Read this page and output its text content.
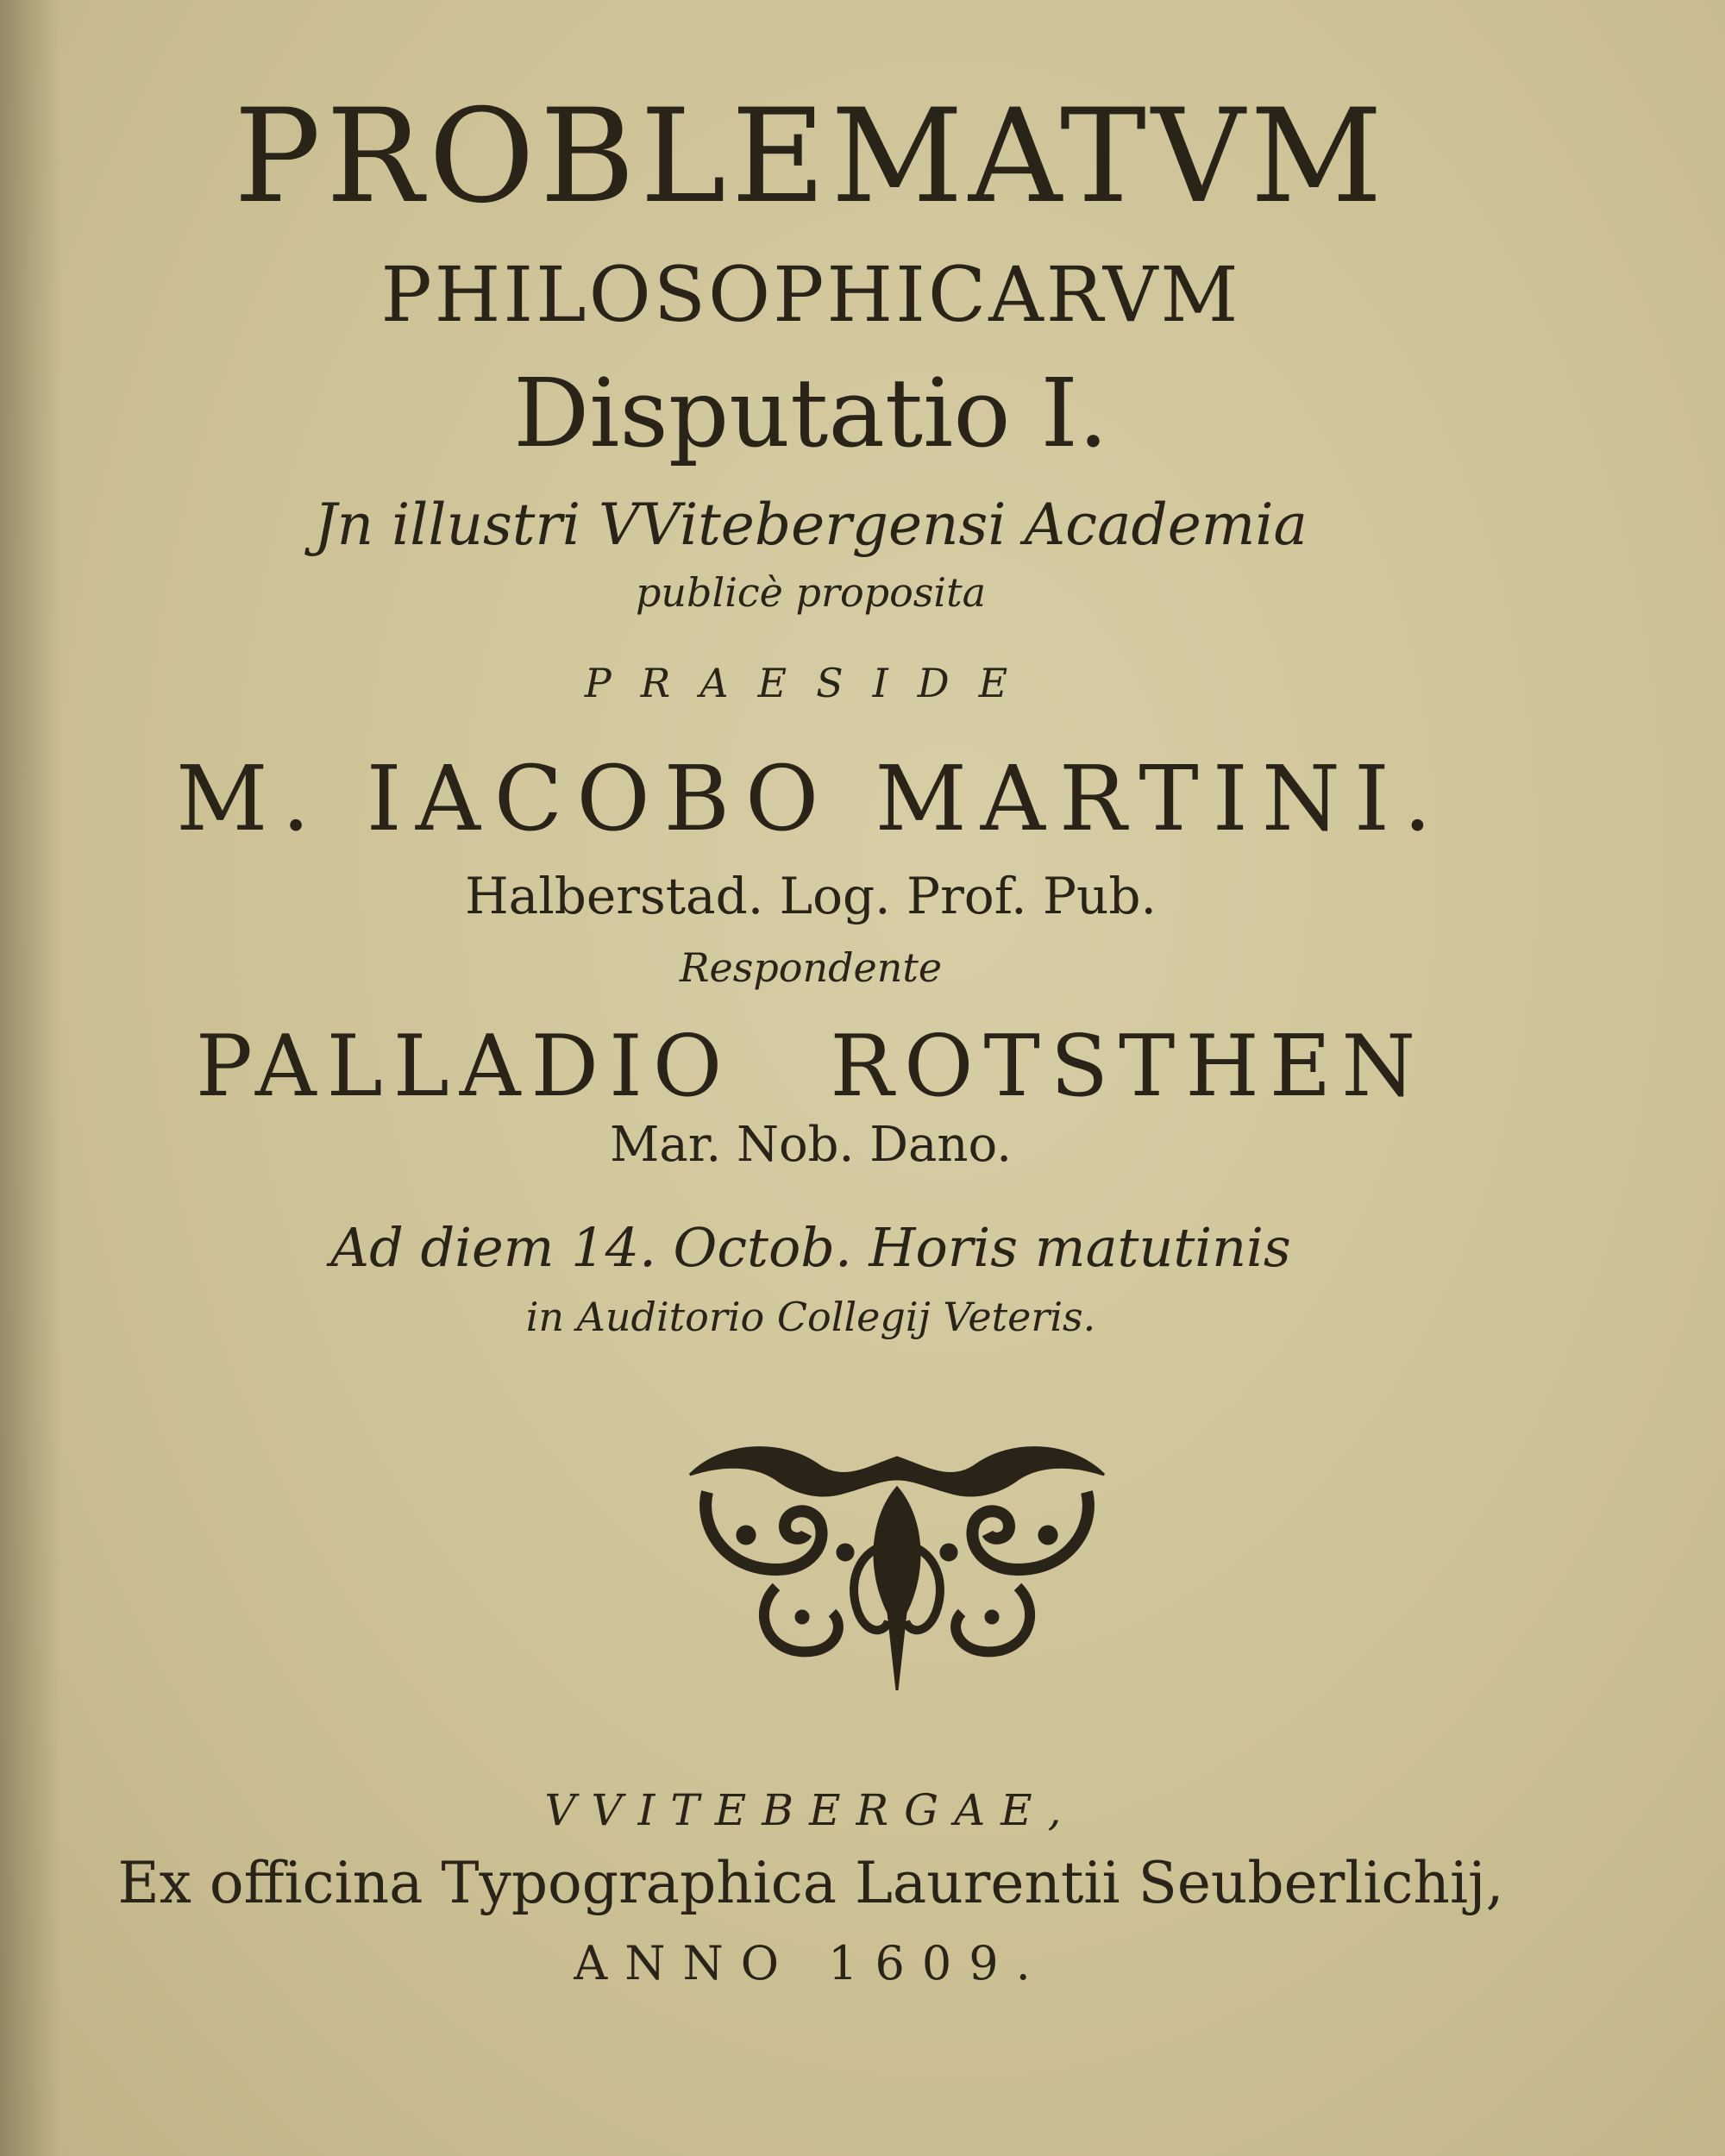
PROBLEMATVM
PHILOSOPHICARVM
Disputatio I.
Jn illustri VVitebergensi Academia
publicè proposita
PRAESIDE
M. IACOBO MARTINI.
Halberstad. Log. Prof. Pub.
Respondente
PALLADIO ROTSTHEN
Mar. Nob. Dano.
Ad diem 14. Octob. Horis matutinis
in Auditorio Collegij Veteris.
VVITEBERGAE,
Ex officina Typographica Laurentii Seuberlichij,
ANNO 1609.
